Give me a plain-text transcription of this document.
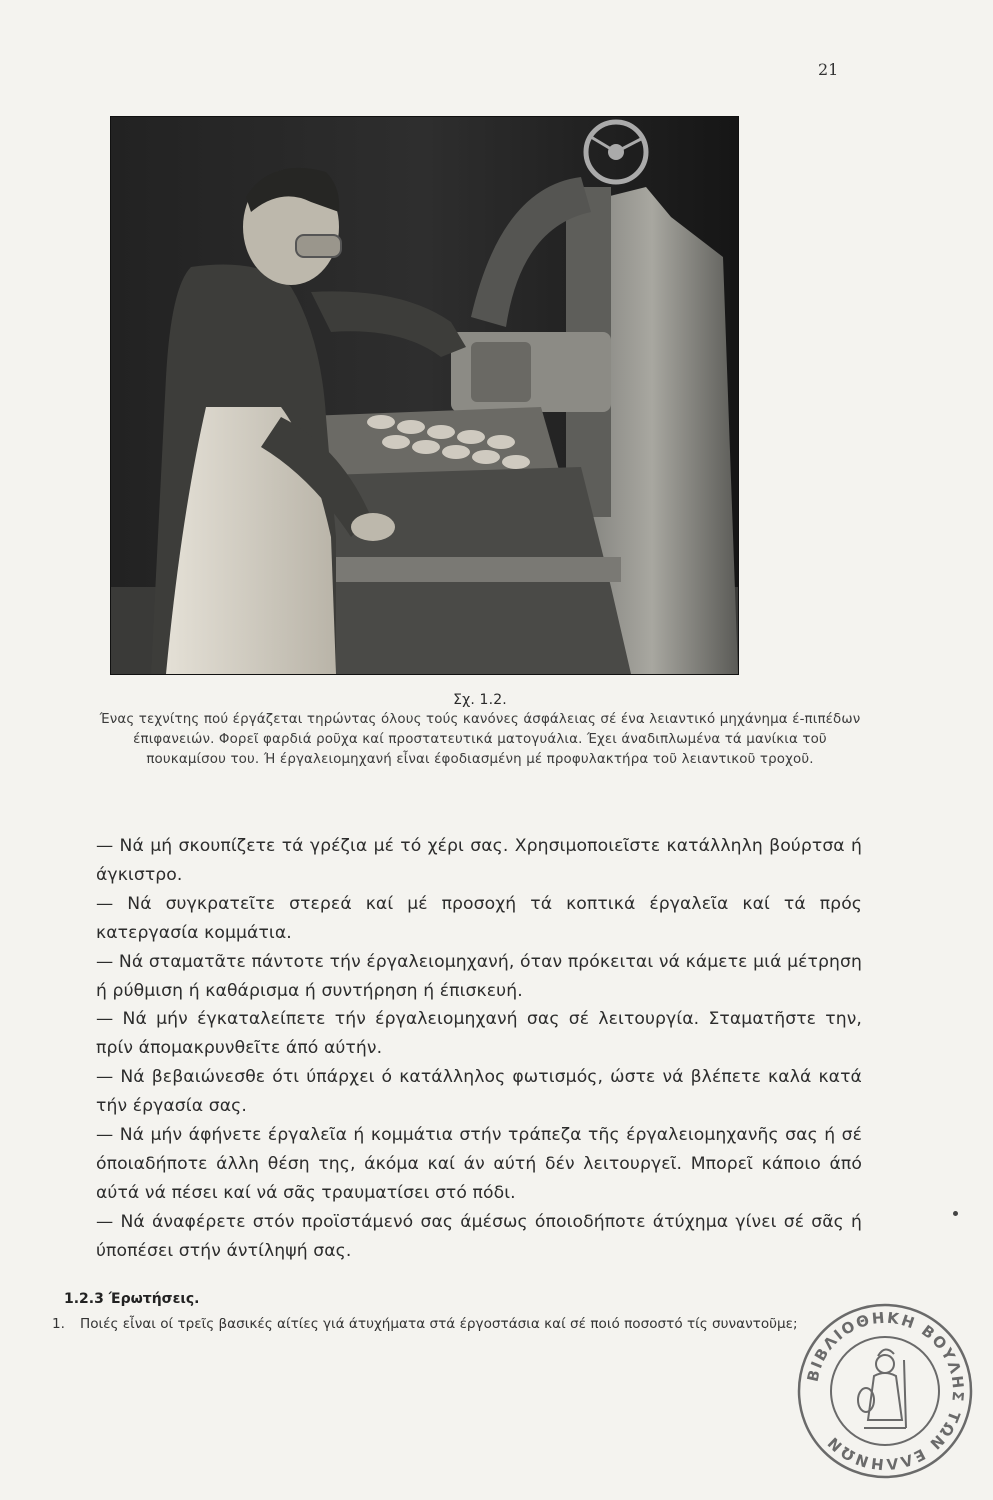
21
Σχ. 1.2.
Ένας τεχνίτης πού έργάζεται τηρώντας όλους τούς κανόνες άσφάλειας σέ ένα λειαντικό μηχάνημα έ-πιπέδων έπιφανειών. Φορεῖ φαρδιά ροῦχα καί προστατευτικά ματογυάλια. Έχει άναδιπλωμένα τά μανίκια τοῦ πουκαμίσου του. Ή έργαλειομηχανή εἶναι έφοδιασμένη μέ προφυλακτήρα τοῦ λειαντικοῦ τροχοῦ.

— Νά μή σκουπίζετε τά γρέζια μέ τό χέρι σας. Χρησιμοποιεῖστε κατάλληλη βούρτσα ή άγκιστρο.

— Νά συγκρατεῖτε στερεά καί μέ προσοχή τά κοπτικά έργαλεῖα καί τά πρός κατεργασία κομμάτια.

— Νά σταματᾶτε πάντοτε τήν έργαλειομηχανή, όταν πρόκειται νά κάμετε μιά μέτρηση ή ρύθμιση ή καθάρισμα ή συντήρηση ή έπισκευή.

— Νά μήν έγκαταλείπετε τήν έργαλειομηχανή σας σέ λειτουργία. Σταματῆστε την, πρίν άπομακρυνθεῖτε άπό αύτήν.

— Νά βεβαιώνεσθε ότι ύπάρχει ό κατάλληλος φωτισμός, ώστε νά βλέπετε καλά κατά τήν έργασία σας.

— Νά μήν άφήνετε έργαλεῖα ή κομμάτια στήν τράπεζα τῆς έργαλειομηχανῆς σας ή σέ όποιαδήποτε άλλη θέση της, άκόμα καί άν αύτή δέν λειτουργεῖ. Μπορεῖ κάποιο άπό αύτά νά πέσει καί νά σᾶς τραυματίσει στό πόδι.

— Νά άναφέρετε στόν προϊστάμενό σας άμέσως όποιοδήποτε άτύχημα γίνει σέ σᾶς ή ύποπέσει στήν άντίληψή σας.

1.2.3 Έρωτήσεις.
1. Ποιές εἶναι οί τρεῖς βασικές αίτίες γιά άτυχήματα στά έργοστάσια καί σέ ποιό ποσοστό τίς συναντοῦμε;
ΒΙΒΛΙΟΘΗΚΗ ΒΟΥΛΗΣ ΤΩΝ ΕΛΛΗΝΩΝ
